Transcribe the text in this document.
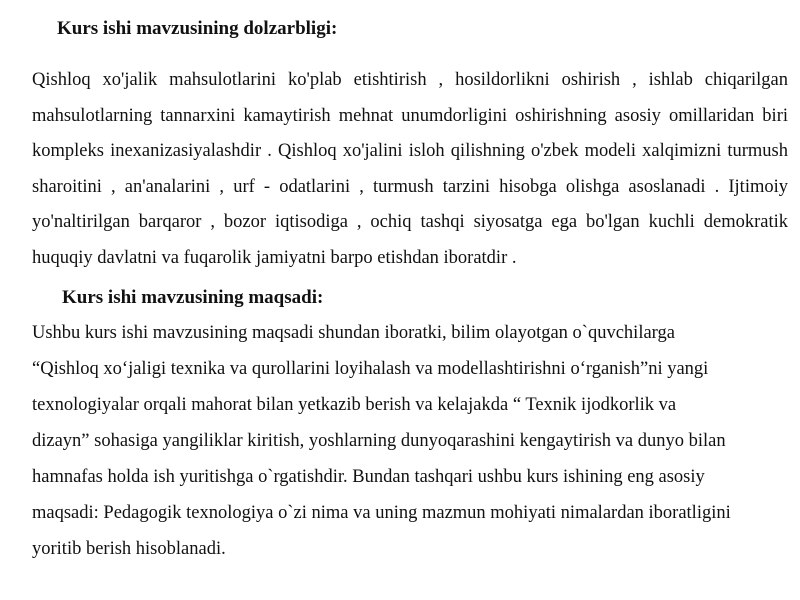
Kurs ishi mavzusining dolzarbligi:

Qishloq xo'jalik mahsulotlarini ko'plab etishtirish , hosildorlikni oshirish , ishlab chiqarilgan mahsulotlarning tannarxini kamaytirish mehnat unumdorligini oshirishning asosiy omillaridan biri kompleks inexanizasiyalashdir . Qishloq xo'jalini isloh qilishning o'zbek modeli xalqimizni turmush sharoitini , an'analarini , urf - odatlarini , turmush tarzini hisobga olishga asoslanadi . Ijtimoiy yo'naltirilgan barqaror , bozor iqtisodiga , ochiq tashqi siyosatga ega bo'lgan kuchli demokratik huquqiy davlatni va fuqarolik jamiyatni barpo etishdan iboratdir .

Kurs ishi mavzusining maqsadi:
Ushbu kurs ishi mavzusining maqsadi shundan iboratki, bilim olayotgan o`quvchilarga
“Qishloq xo‘jaligi texnika va qurollarini loyihalash va modellashtirishni o‘rganish”ni yangi
texnologiyalar orqali mahorat bilan yetkazib berish va kelajakda “ Texnik ijodkorlik va
dizayn” sohasiga yangiliklar kiritish, yoshlarning dunyoqarashini kengaytirish va dunyo bilan
hamnafas holda ish yuritishga o`rgatishdir. Bundan tashqari ushbu kurs ishining eng asosiy
maqsadi: Pedagogik texnologiya o`zi nima va uning mazmun mohiyati nimalardan iboratligini
yoritib berish hisoblanadi.
